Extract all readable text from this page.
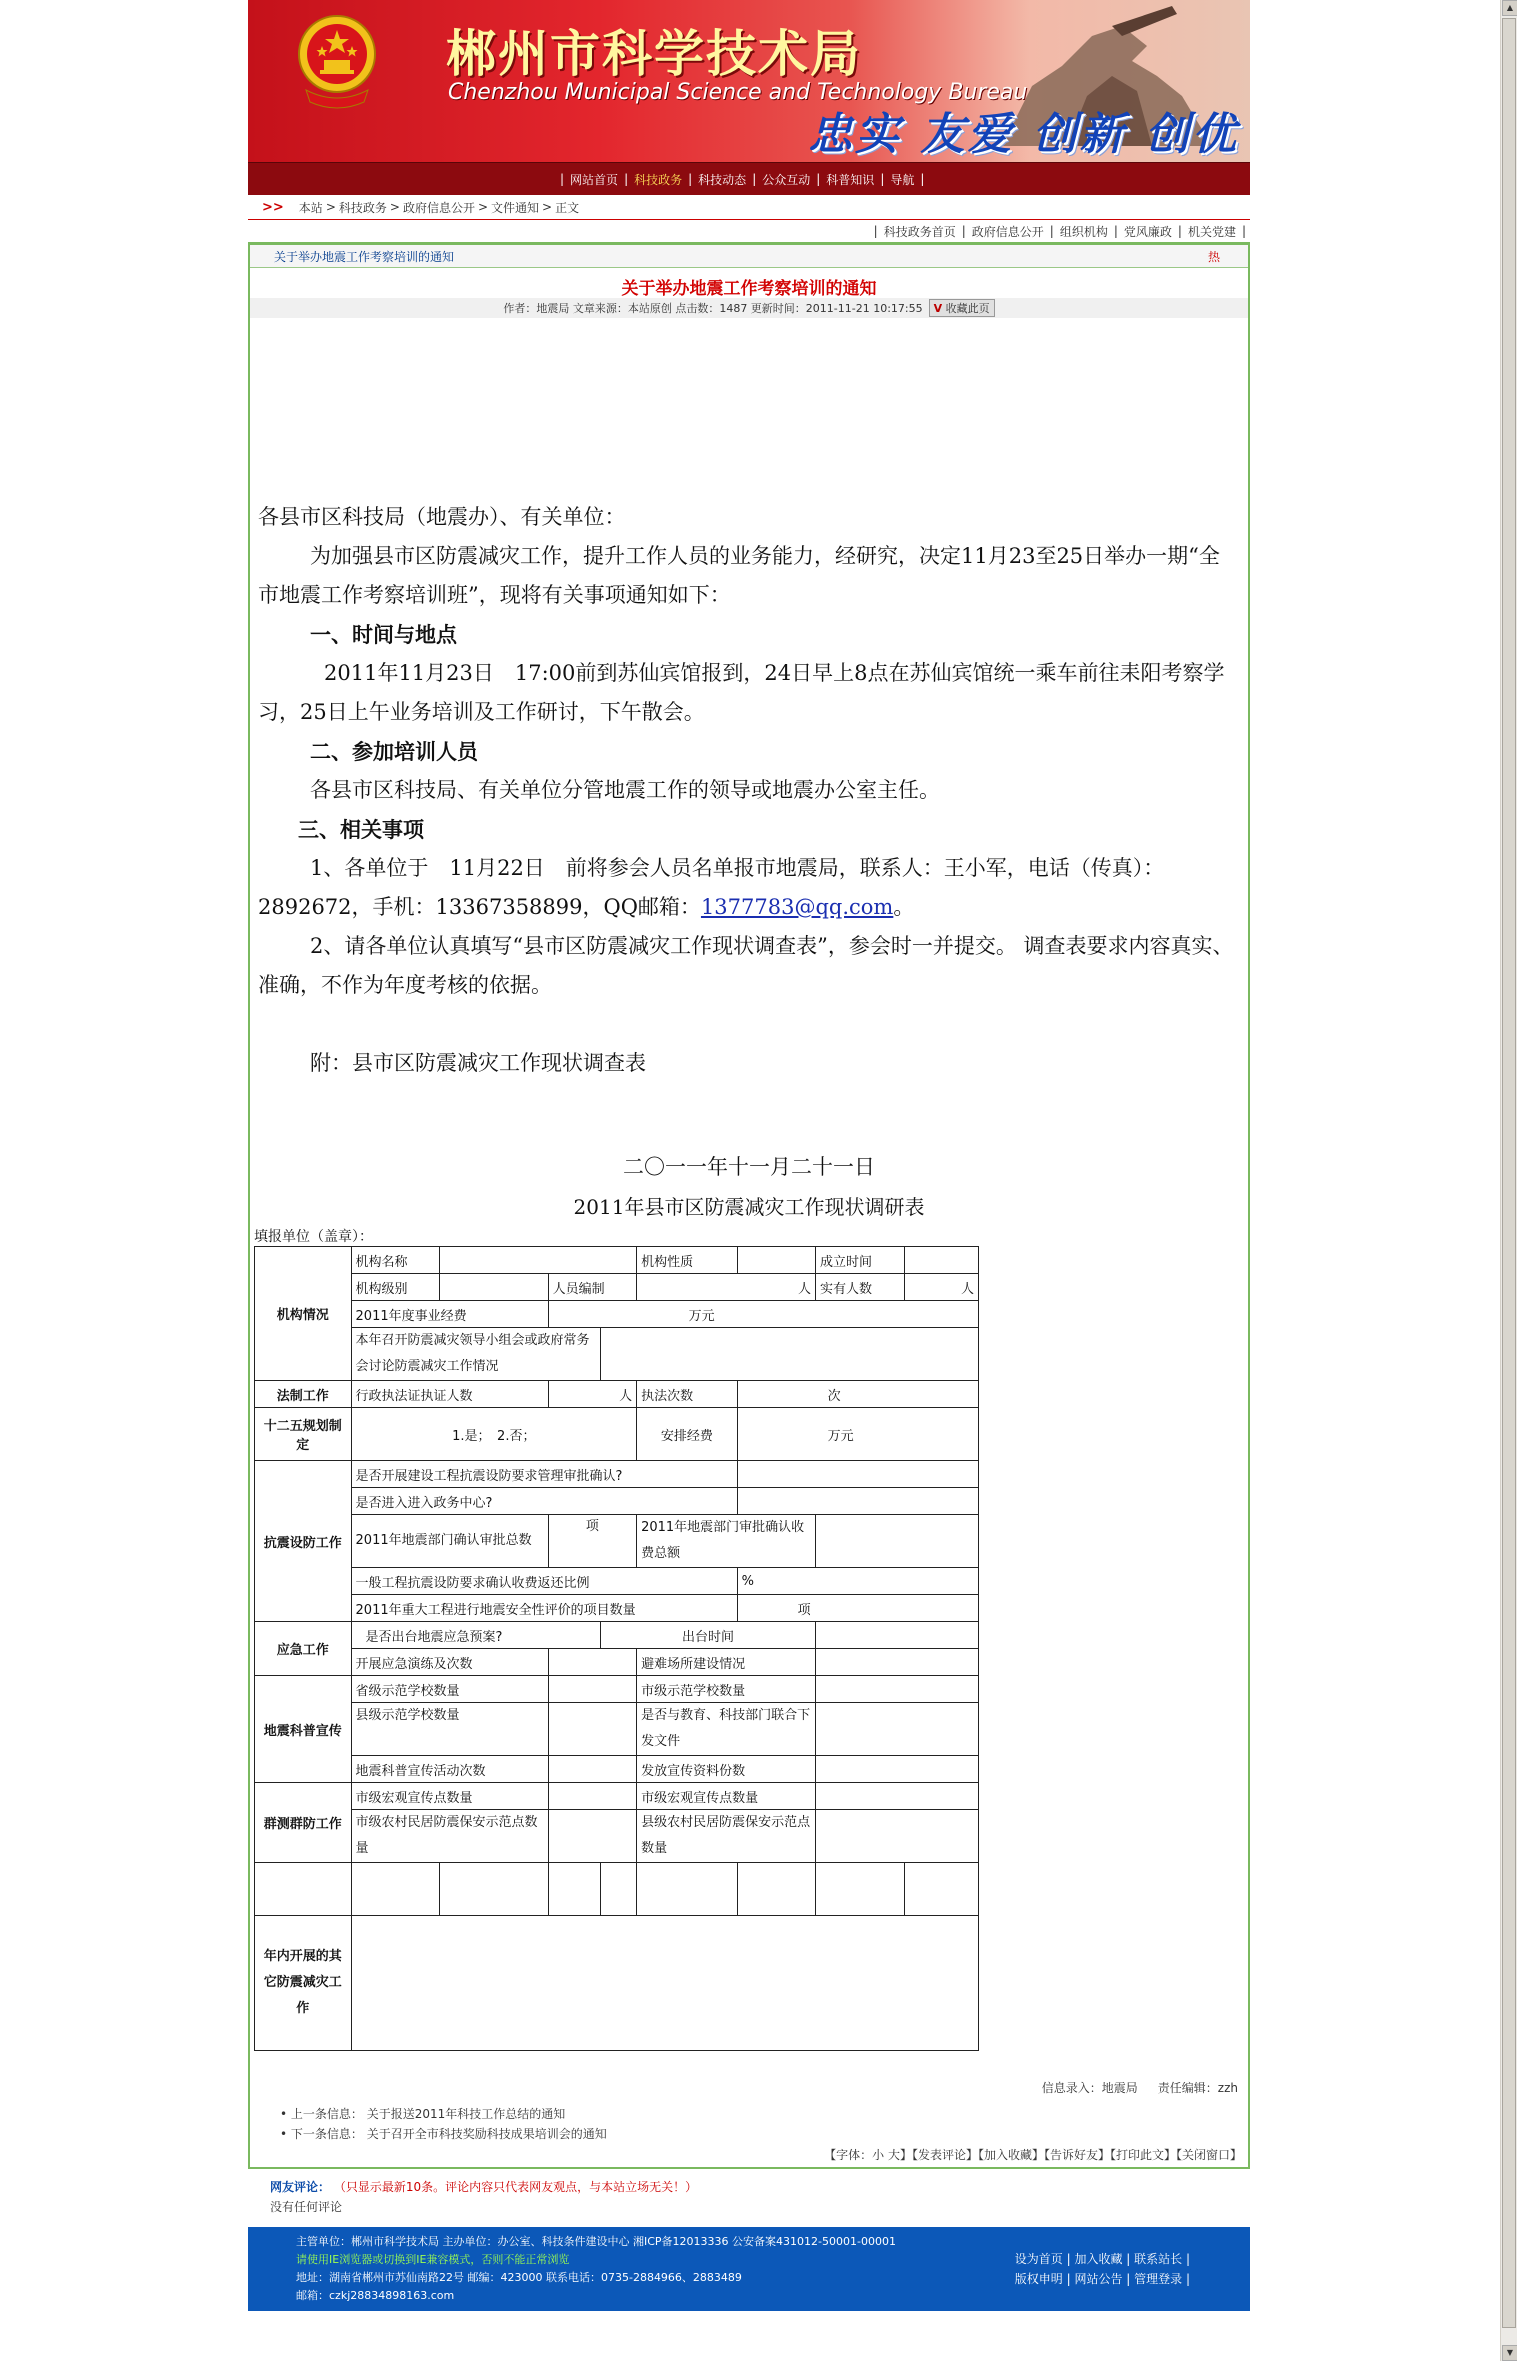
▲
▼
郴州市科学技术局
Chenzhou Municipal Science and Technology Bureau
忠实 友爱 创新 创优
| 网站首页 | 科技政务 | 科技动态 | 公众互动 | 科普知识 | 导航 |
>> 本站 > 科技政务 > 政府信息公开 > 文件通知 > 正文
| 科技政务首页 | 政府信息公开 | 组织机构 | 党风廉政 | 机关党建 |
关于举办地震工作考察培训的通知	热
关于举办地震工作考察培训的通知
作者：地震局 文章来源：本站原创 点击数：1487 更新时间：2011-11-21 10:17:55	V 收藏此页

各县市区科技局（地震办）、有关单位：

为加强县市区防震减灾工作，提升工作人员的业务能力，经研究，决定11月23至25日举办一期“全市地震工作考察培训班”，现将有关事项通知如下：

一、时间与地点

2011年11月23日　17:00前到苏仙宾馆报到，24日早上8点在苏仙宾馆统一乘车前往耒阳考察学习，25日上午业务培训及工作研讨，下午散会。

二、参加培训人员

各县市区科技局、有关单位分管地震工作的领导或地震办公室主任。

三、相关事项

1、各单位于　11月22日　前将参会人员名单报市地震局，联系人：王小军，电话（传真）：2892672，手机：13367358899，QQ邮箱：1377783@qq.com。

2、请各单位认真填写“县市区防震减灾工作现状调查表”，参会时一并提交。 调查表要求内容真实、准确，不作为年度考核的依据。

附：县市区防震减灾工作现状调查表

二〇一一年十一月二十一日
2011年县市区防震减灾工作现状调研表
填报单位（盖章）：
机构情况	机构名称				机构性质		成立时间	
	机构级别		人员编制		人		实有人数	人
	2011年度事业经费		万元					
	本年召开防震减灾领导小组会或政府常务会讨论防震减灾工作情况							
法制工作	行政执法证执证人数		人		执法次数	次		
十二五规划制定	1.是；　2.否；				安排经费	万元		
抗震设防工作	是否开展建设工程抗震设防要求管理审批确认?							
	是否进入进入政务中心?							
	2011年地震部门确认审批总数		项		2011年地震部门审批确认收费总额			
	一般工程抗震设防要求确认收费返还比例					%		
	2011年重大工程进行地震安全性评价的项目数量					项		
应急工作	是否出台地震应急预案?			出台时间				
	开展应急演练及次数				避难场所建设情况			
地震科普宣传	省级示范学校数量				市级示范学校数量			
	县级示范学校数量				是否与教育、科技部门联合下发文件			
	地震科普宣传活动次数				发放宣传资料份数			
群测群防工作	市级宏观宣传点数量				市级宏观宣传点数量			
	市级农村民居防震保安示范点数量				县级农村民居防震保安示范点数量			

年内开展的其它防震减灾工作								
信息录入：地震局 责任编辑：zzh
• 上一条信息： 关于报送2011年科技工作总结的通知
• 下一条信息： 关于召开全市科技奖励科技成果培训会的通知
【字体：小 大】【发表评论】【加入收藏】【告诉好友】【打印此文】【关闭窗口】
网友评论： （只显示最新10条。评论内容只代表网友观点，与本站立场无关！）
没有任何评论
主管单位：郴州市科学技术局 主办单位：办公室、科技条件建设中心 湘ICP备12013336 公安备案431012-50001-00001
请使用IE浏览器或切换到IE兼容模式，否则不能正常浏览
地址：湖南省郴州市苏仙南路22号 邮编：423000 联系电话：0735-2884966、2883489
邮箱：czkj28834898163.com
设为首页 | 加入收藏 | 联系站长 |
版权申明 | 网站公告 | 管理登录 |
